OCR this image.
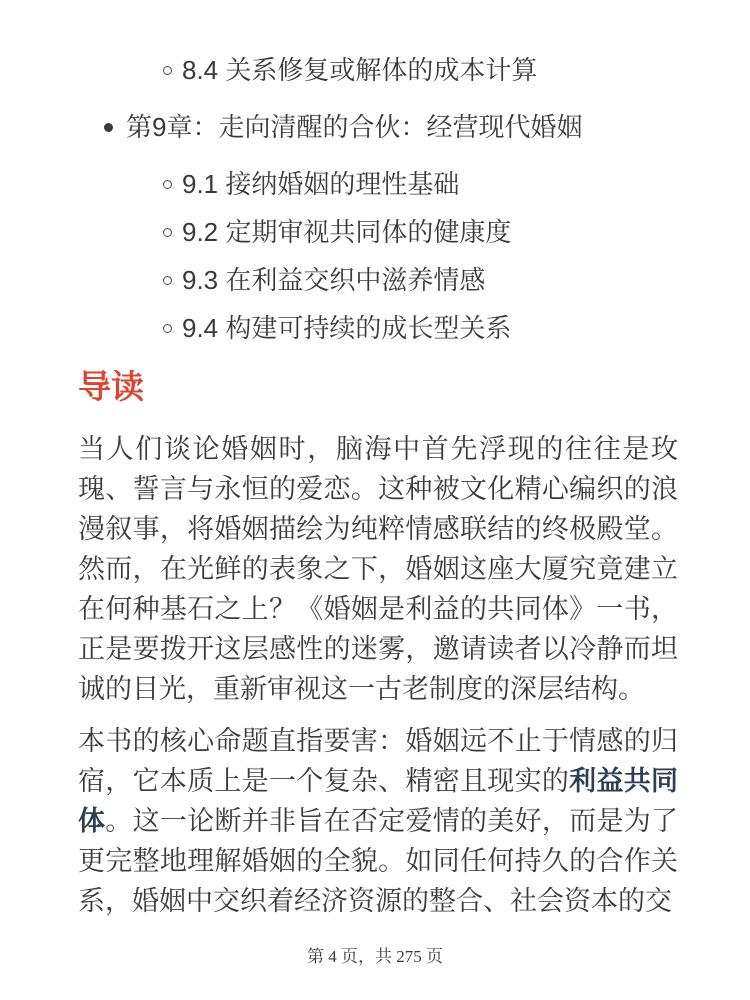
8.4 关系修复或解体的成本计算
第9章：走向清醒的合伙：经营现代婚姻
9.1 接纳婚姻的理性基础
9.2 定期审视共同体的健康度
9.3 在利益交织中滋养情感
9.4 构建可持续的成长型关系
导读

当人们谈论婚姻时，脑海中首先浮现的往往是玫瑰、誓言与永恒的爱恋。这种被文化精心编织的浪漫叙事，将婚姻描绘为纯粹情感联结的终极殿堂。然而，在光鲜的表象之下，婚姻这座大厦究竟建立在何种基石之上？《婚姻是利益的共同体》一书，正是要拨开这层感性的迷雾，邀请读者以冷静而坦诚的目光，重新审视这一古老制度的深层结构。

本书的核心命题直指要害：婚姻远不止于情感的归宿，它本质上是一个复杂、精密且现实的利益共同体。这一论断并非旨在否定爱情的美好，而是为了更完整地理解婚姻的全貌。如同任何持久的合作关系，婚姻中交织着经济资源的整合、社会资本的交

第 4 页，共 275 页
